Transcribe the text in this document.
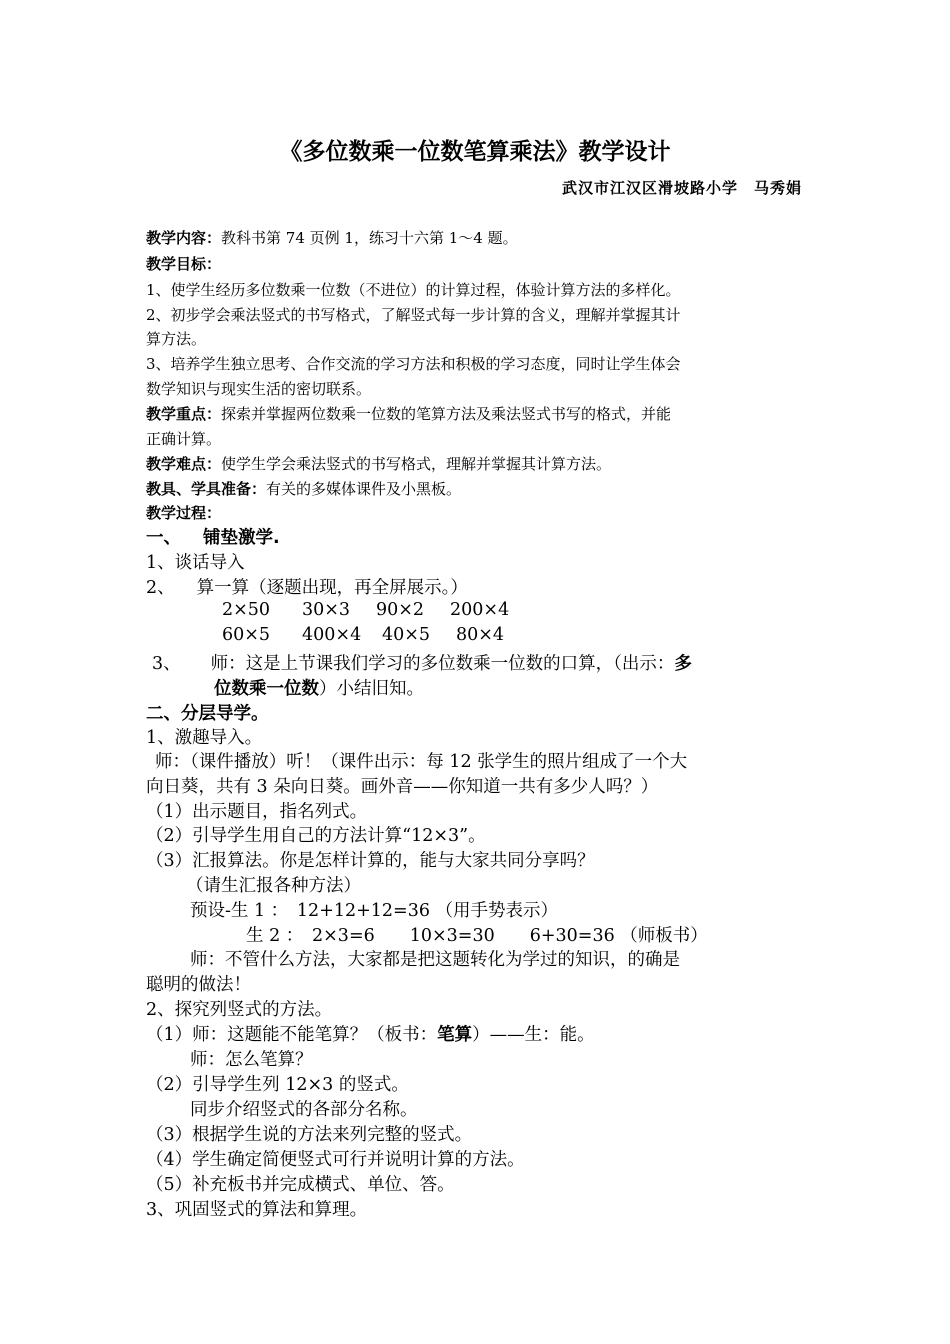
《多位数乘一位数笔算乘法》教学设计
武汉市江汉区滑坡路小学　马秀娟
教学内容：教科书第 74 页例 1，练习十六第 1～4 题。
教学目标：
1、使学生经历多位数乘一位数（不进位）的计算过程，体验计算方法的多样化。
2、初步学会乘法竖式的书写格式，了解竖式每一步计算的含义，理解并掌握其计
算方法。
3、培养学生独立思考、合作交流的学习方法和积极的学习态度，同时让学生体会
数学知识与现实生活的密切联系。
教学重点：探索并掌握两位数乘一位数的笔算方法及乘法竖式书写的格式，并能
正确计算。
教学难点：使学生学会乘法竖式的书写格式，理解并掌握其计算方法。
教具、学具准备：有关的多媒体课件及小黑板。
教学过程：
一、 铺垫激学.
1、谈话导入
2、 算一算（逐题出现，再全屏展示。）
2×50 30×3 90×2 200×4
60×5 400×4 40×5 80×4
3、 师：这是上节课我们学习的多位数乘一位数的口算，（出示：多
位数乘一位数）小结旧知。
二、分层导学。
1、激趣导入。
师：（课件播放）听！（课件出示：每 12 张学生的照片组成了一个大
向日葵，共有 3 朵向日葵。画外音——你知道一共有多少人吗？）
（1）出示题目，指名列式。
（2）引导学生用自己的方法计算“12×3”。
（3）汇报算法。你是怎样计算的，能与大家共同分享吗？
（请生汇报各种方法）
预设-生 1 ：　12+12+12=36 （用手势表示）
生 2 ：　2×3=6　　10×3=30　　6+30=36 （师板书）
师：不管什么方法，大家都是把这题转化为学过的知识，的确是
聪明的做法！
2、探究列竖式的方法。
（1）师：这题能不能笔算？（板书：笔算）——生：能。
师：怎么笔算？
（2）引导学生列 12×3 的竖式。
同步介绍竖式的各部分名称。
（3）根据学生说的方法来列完整的竖式。
（4）学生确定简便竖式可行并说明计算的方法。
（5）补充板书并完成横式、单位、答。
3、巩固竖式的算法和算理。
